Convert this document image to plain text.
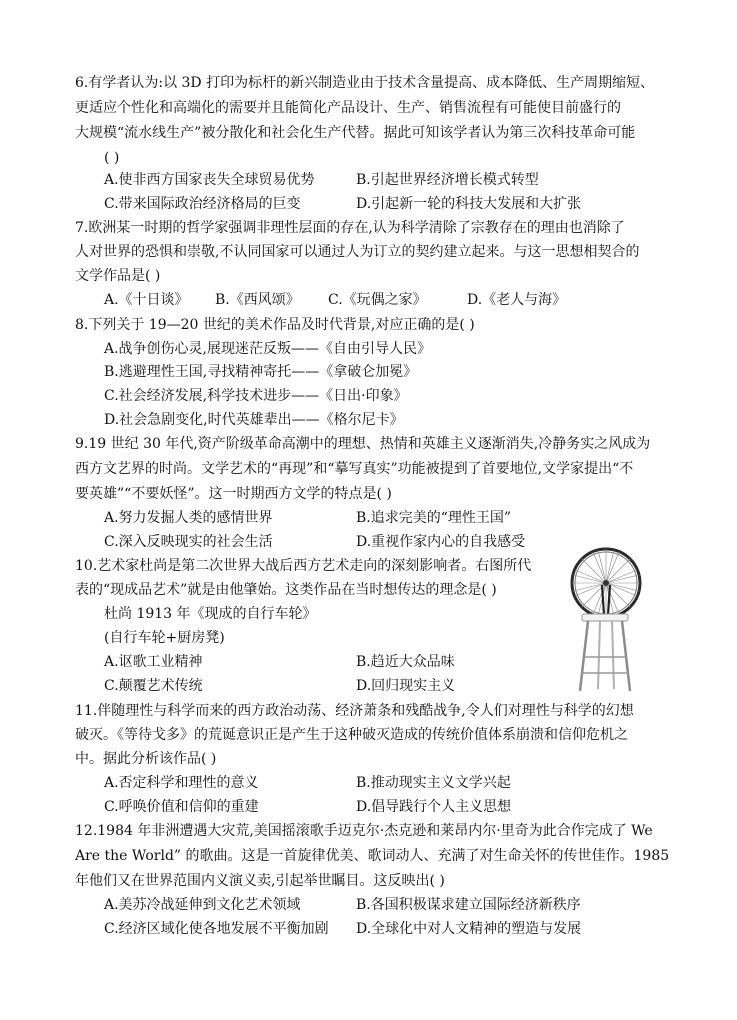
6.有学者认为:以 3D 打印为标杆的新兴制造业由于技术含量提高、成本降低、生产周期缩短、
更适应个性化和高端化的需要并且能简化产品设计、生产、销售流程有可能使目前盛行的
大规模“流水线生产”被分散化和社会化生产代替。据此可知该学者认为第三次科技革命可能
( )
A.使非西方国家丧失全球贸易优势	B.引起世界经济增长模式转型
C.带来国际政治经济格局的巨变	D.引起新一轮的科技大发展和大扩张
7.欧洲某一时期的哲学家强调非理性层面的存在,认为科学清除了宗教存在的理由也消除了
人对世界的恐惧和崇敬,不认同国家可以通过人为订立的契约建立起来。与这一思想相契合的
文学作品是( )
A.《十日谈》 B.《西风颂》 C.《玩偶之家》	D.《老人与海》
8.下列关于 19—20 世纪的美术作品及时代背景,对应正确的是( )
A.战争创伤心灵,展现迷茫反叛——《自由引导人民》
B.逃避理性王国,寻找精神寄托——《拿破仑加冕》
C.社会经济发展,科学技术进步——《日出·印象》
D.社会急剧变化,时代英雄辈出——《格尔尼卡》
9.19 世纪 30 年代,资产阶级革命高潮中的理想、热情和英雄主义逐渐消失,冷静务实之风成为
西方文艺界的时尚。文学艺术的“再现”和“摹写真实”功能被提到了首要地位,文学家提出“不
要英雄”“不要妖怪”。这一时期西方文学的特点是( )
A.努力发掘人类的感情世界	B.追求完美的“理性王国”
C.深入反映现实的社会生活	D.重视作家内心的自我感受
10.艺术家杜尚是第二次世界大战后西方艺术走向的深刻影响者。右图所代
表的“现成品艺术”就是由他肇始。这类作品在当时想传达的理念是( )
杜尚 1913 年《现成的自行车轮》
(自行车轮+厨房凳)
A.讴歌工业精神	B.趋近大众品味
C.颠覆艺术传统	D.回归现实主义
11.伴随理性与科学而来的西方政治动荡、经济萧条和残酷战争,令人们对理性与科学的幻想
破灭。《等待戈多》的荒诞意识正是产生于这种破灭造成的传统价值体系崩溃和信仰危机之
中。据此分析该作品( )
A.否定科学和理性的意义	B.推动现实主义文学兴起
C.呼唤价值和信仰的重建	D.倡导践行个人主义思想
12.1984 年非洲遭遇大灾荒,美国摇滚歌手迈克尔·杰克逊和莱昂内尔·里奇为此合作完成了 We
Are the World” 的歌曲。这是一首旋律优美、歌词动人、充满了对生命关怀的传世佳作。1985
年他们又在世界范围内义演义卖,引起举世瞩目。这反映出( )
A.美苏冷战延伸到文化艺术领域	B.各国积极谋求建立国际经济新秩序
C.经济区域化使各地发展不平衡加剧 D.全球化中对人文精神的塑造与发展
